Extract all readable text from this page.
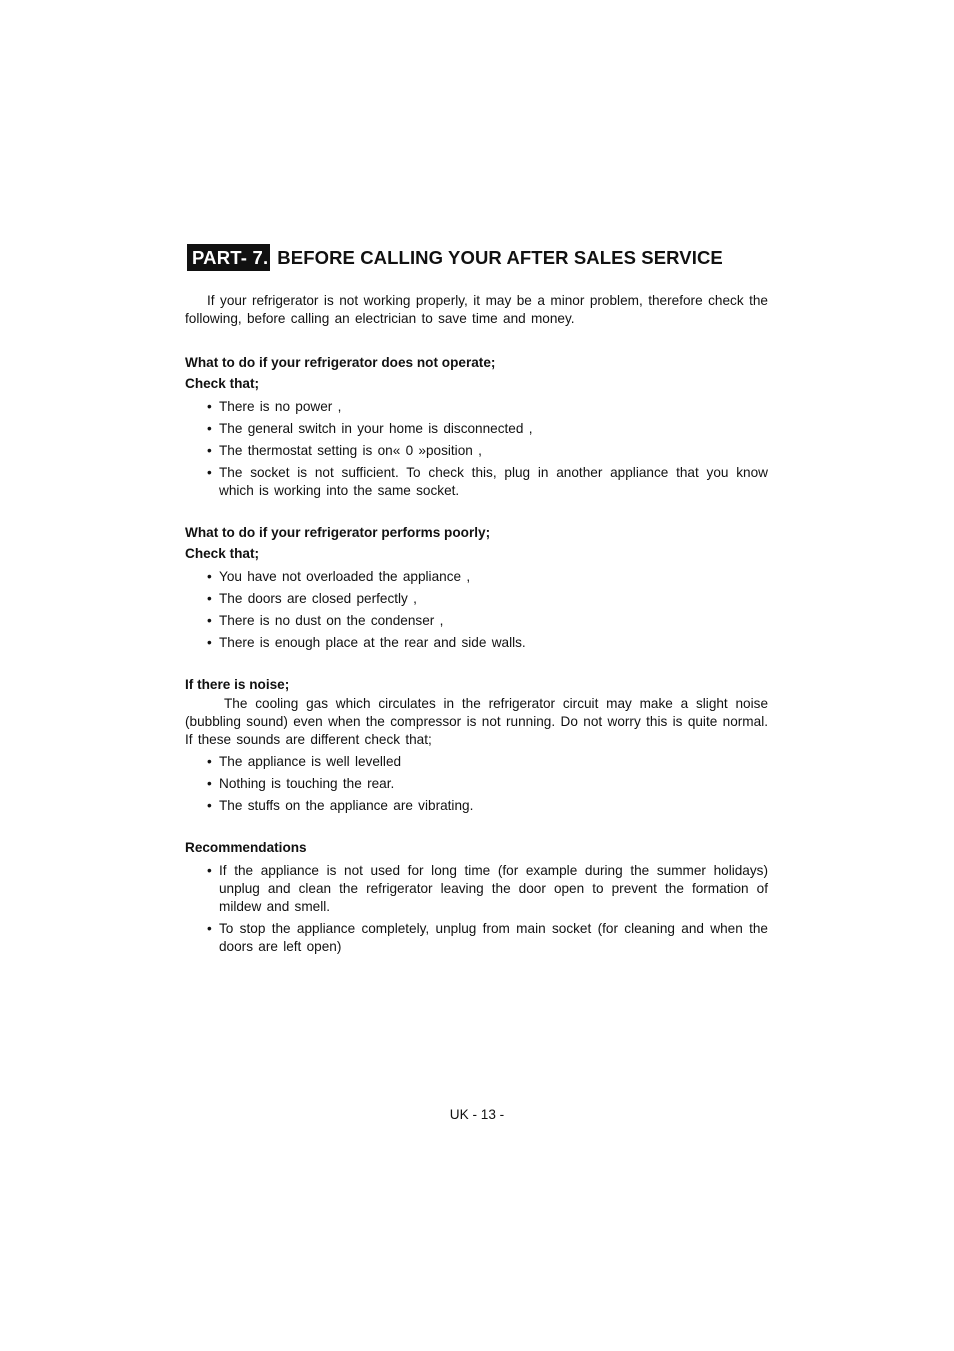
PART- 7. BEFORE CALLING YOUR AFTER SALES SERVICE

If your refrigerator is not working properly, it may be a minor problem, therefore check the following, before calling an electrician to save time and money.

What to do if your refrigerator does not operate;

Check that;

• There is no power ,
• The general switch in your home is disconnected ,
• The thermostat setting is on« 0 »position ,
• The socket is not sufficient. To check this, plug in another appliance that you know which is working into the same socket.

What to do if your refrigerator performs poorly;

Check that;

• You have not overloaded the appliance ,
• The doors are closed perfectly ,
• There is no dust on the condenser ,
• There is enough place at the rear and side walls.

If there is noise;

The cooling gas which circulates in the refrigerator circuit may make a slight noise (bubbling sound) even when the compressor is not running. Do not worry this is quite normal. If these sounds are different check that;

• The appliance is well levelled
• Nothing is touching the rear.
• The stuffs on the appliance are vibrating.

Recommendations

• If the appliance is not used for long time (for example during the summer holidays) unplug and clean the refrigerator leaving the door open to prevent the formation of mildew and smell.
• To stop the appliance completely, unplug from main socket (for cleaning and when the doors are left open)
UK - 13 -
